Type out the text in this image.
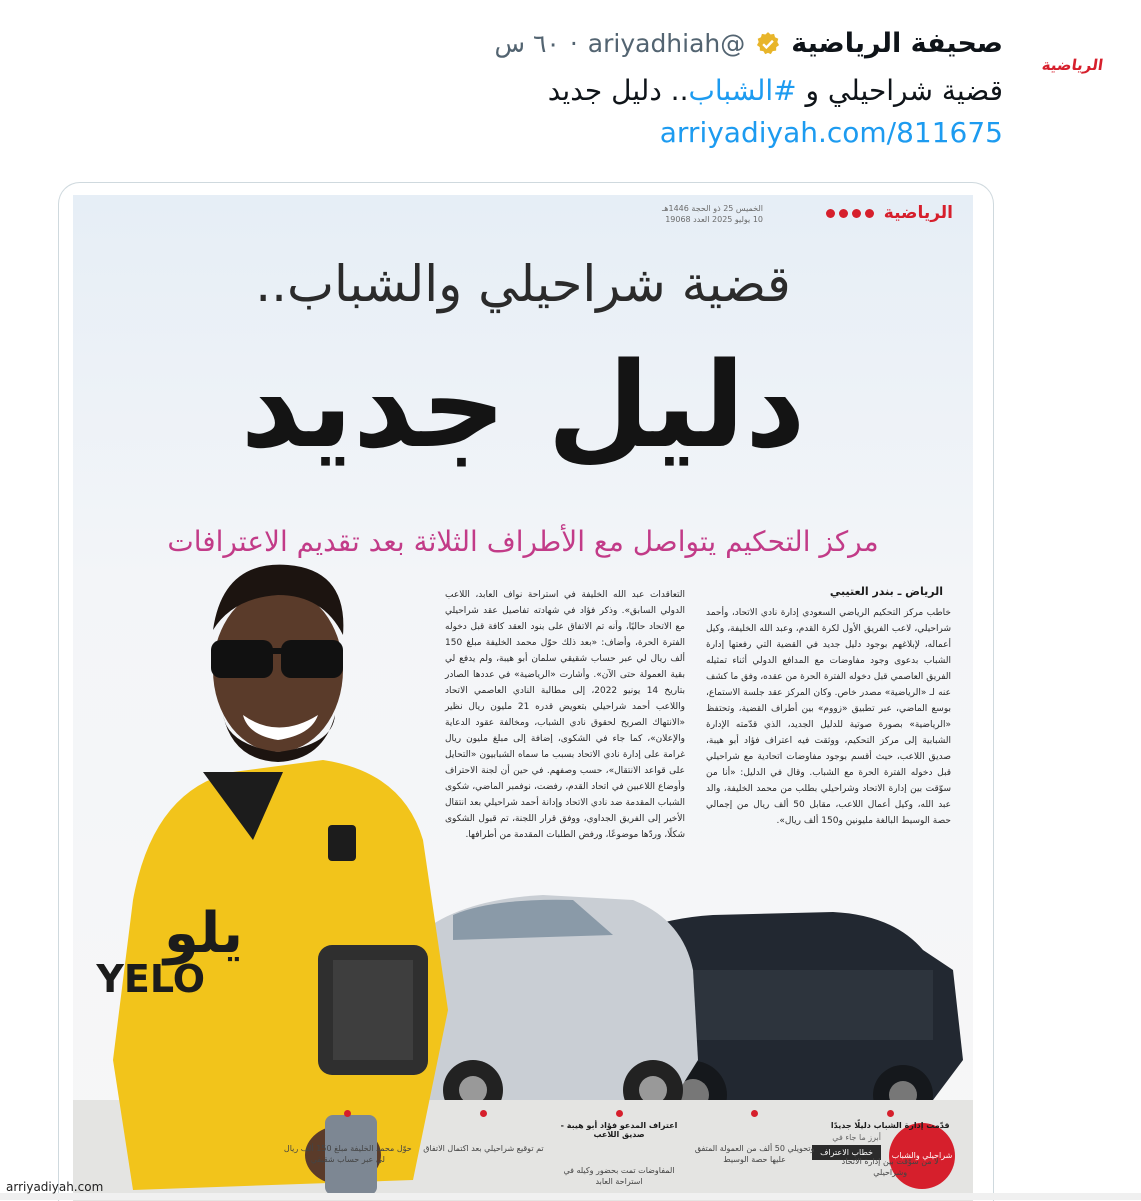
الرياضية
صحيفة الرياضية
@ariyadhiah
·
٦٠ س
قضية شراحيلي و #الشباب.. دليل جديد
arriyadiyah.com/811675
الرياضية
الخميس 25 ذو الحجة 1446هـ
10 يوليو 2025 العدد 19068
قضية شراحيلي والشباب..
دليل جديد
يلو
YELO
مركز التحكيم يتواصل مع الأطراف الثلاثة بعد تقديم الاعترافات
الرياض ـ بندر العتيبي
خاطب مركز التحكيم الرياضي السعودي إدارة نادي الاتحاد، وأحمد شراحيلي، لاعب الفريق الأول لكرة القدم، وعبد الله الخليفة، وكيل أعماله، لإبلاغهم بوجود دليل جديد في القضية التي رفعتها إدارة الشباب بدعوى وجود مفاوضات مع المدافع الدولي أثناء تمثيله الفريق العاصمي قبل دخوله الفترة الحرة من عقده، وفق ما كشف عنه لـ «الرياضية» مصدر خاص. وكان المركز عقد جلسة الاستماع، بوسع الماضي، عبر تطبيق «زووم» بين أطراف القضية، وتحتفظ «الرياضية» بصورة صوتية للدليل الجديد، الذي قدّمته الإدارة الشبابية إلى مركز التحكيم، ووثقت فيه اعتراف فؤاد أبو هيبة، صديق اللاعب، حيث أقسم بوجود مفاوضات اتحادية مع شراحيلي قبل دخوله الفترة الحرة مع الشباب. وقال في الدليل: «أنا من سوّقت بين إدارة الاتحاد وشراحيلي بطلب من محمد الخليفة، والد عبد الله، وكيل أعمال اللاعب، مقابل 50 ألف ريال من إجمالي حصة الوسيط البالغة مليونين و150 ألف ريال».
التعاقدات عبد الله الخليفة في استراحة نواف العابد، اللاعب الدولي السابق». وذكر فؤاد في شهادته تفاصيل عقد شراحيلي مع الاتحاد حاليًا، وأنه تم الاتفاق على بنود العقد كافة قبل دخوله الفترة الحرة، وأضاف: «بعد ذلك حوّل محمد الخليفة مبلغ 150 ألف ريال لي عبر حساب شقيقي سلمان أبو هيبة، ولم يدفع لي بقية العمولة حتى الآن». وأشارت «الرياضية» في عددها الصادر بتاريخ 14 يونيو 2022، إلى مطالبة النادي العاصمي الاتحاد واللاعب أحمد شراحيلي بتعويض قدره 21 مليون ريال نظير «الانتهاك الصريح لحقوق نادي الشباب، ومخالفة عقود الدعاية والإعلان»، كما جاء في الشكوى، إضافة إلى مبلغ مليون ريال غرامة على إدارة نادي الاتحاد بسبب ما سماه الشبابيون «التحايل على قواعد الانتقال»، حسب وصفهم. في حين أن لجنة الاحتراف وأوضاع اللاعبين في اتحاد القدم، رفضت، نوفمبر الماضي، شكوى الشباب المقدمة ضد نادي الاتحاد وإدانة أحمد شراحيلي بعد انتقال الأخير إلى الفريق الجداوي، ووفق قرار اللجنة، تم قبول الشكوى شكلًا، وردّها موضوعًا، ورفض الطلبات المقدمة من أطرافها.
شراحيلي والشباب
أبرز ما جاء في
خطاب الاعتراف
قدّمت إدارة الشباب دليلًا جديدًا
لا من سوّقت بين إدارة الاتحاد وشراحيلي
وتحويلي 50 ألف من العمولة المتفق عليها حصة الوسيط
اعتراف المدعو فؤاد أبو هيبة - صديق اللاعب
المفاوضات تمت بحضور وكيله في استراحة العابد
تم توقيع شراحيلي بعد اكتمال الاتفاق
حوّل محمد الخليفة مبلغ 150 ألف ريال لي عبر حساب شقيقي
arriyadiyah.com
